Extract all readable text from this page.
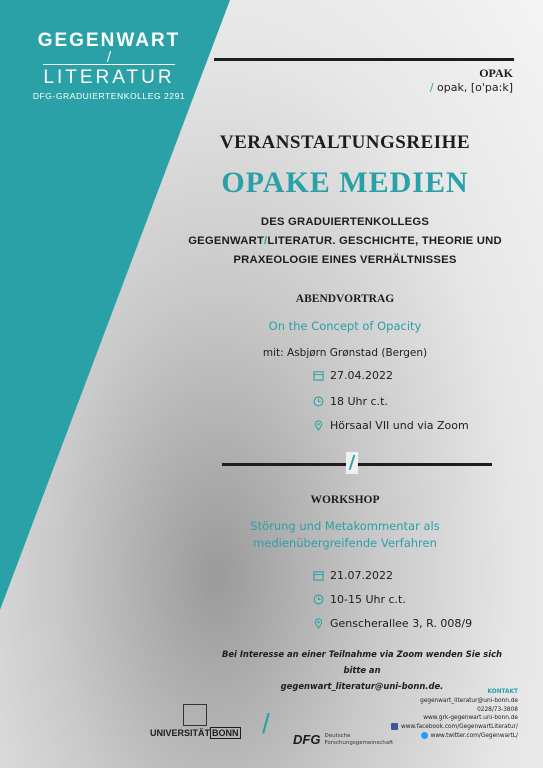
GEGENWART
/
LITERATUR
DFG-GRADUIERTENKOLLEG 2291
OPAK
/ opak, [o'pa:k]
VERANSTALTUNGSREIHE
OPAKE MEDIEN
DES GRADUIERTENKOLLEGS
GEGENWART/LITERATUR. GESCHICHTE, THEORIE UND
PRAXEOLOGIE EINES VERHÄLTNISSES
ABENDVORTRAG
On the Concept of Opacity
mit: Asbjørn Grønstad (Bergen)
27.04.2022
18 Uhr c.t.
Hörsaal VII und via Zoom
/
WORKSHOP
Störung und Metakommentar als
medienübergreifende Verfahren
21.07.2022
10-15 Uhr c.t.
Genscherallee 3, R. 008/9
Bei Interesse an einer Teilnahme via Zoom wenden Sie sich bitte an
gegenwart_literatur@uni-bonn.de.
UNIVERSITÄT BONN /
DFG Deutsche
Forschungsgemeinschaft
KONTAKT
gegenwart_literatur@uni-bonn.de
0228/73-3808
www.grk-gegenwart.uni-bonn.de
www.facebook.com/GegenwartLiteratur/
www.twitter.com/GegenwartL/
